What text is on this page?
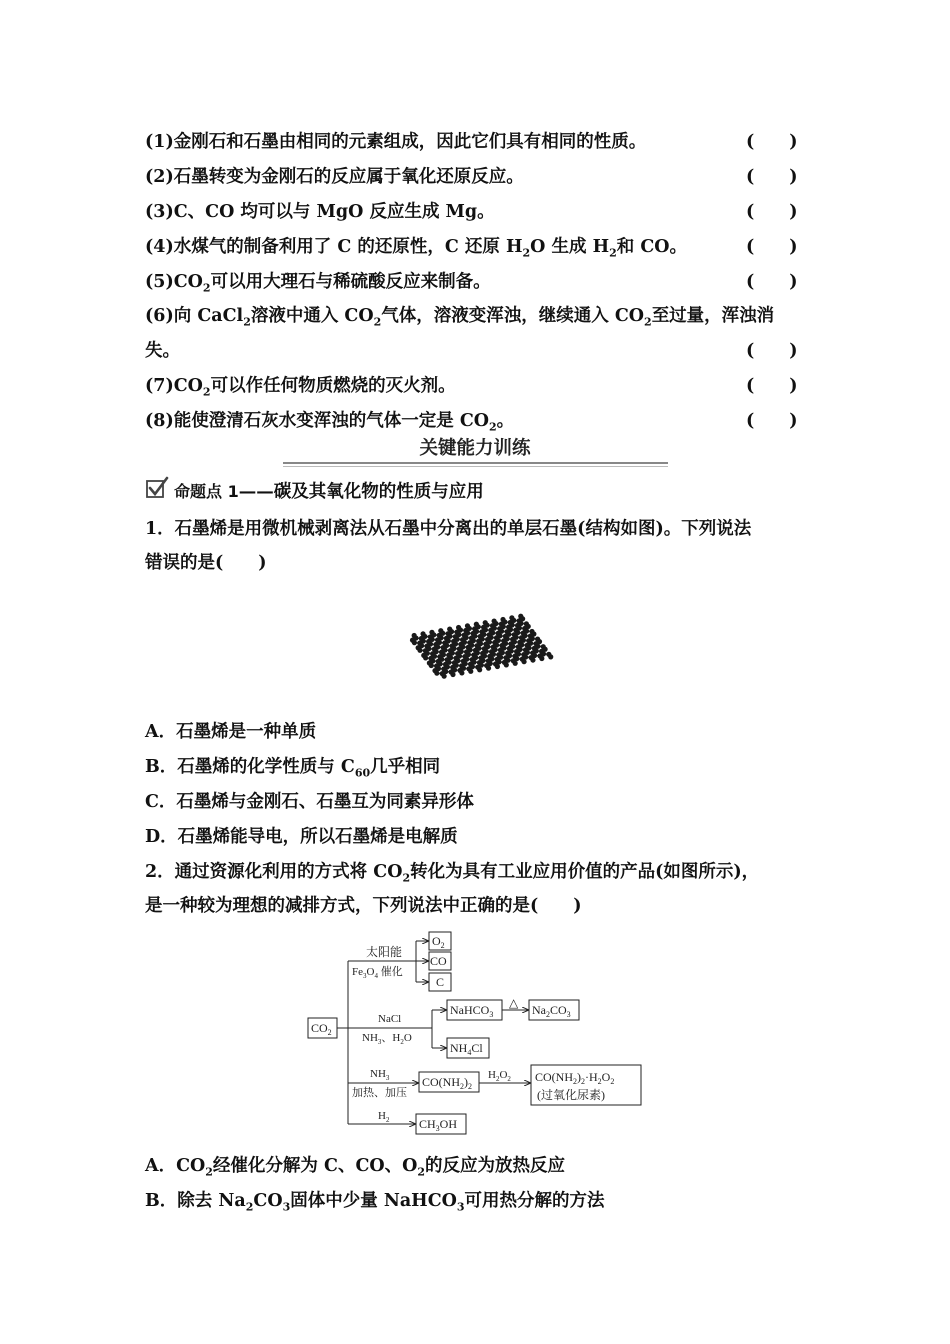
(1)金刚石和石墨由相同的元素组成，因此它们具有相同的性质。	(　　)
(2)石墨转变为金刚石的反应属于氧化还原反应。	(　　)
(3)C、CO 均可以与 MgO 反应生成 Mg。	(　　)
(4)水煤气的制备利用了 C 的还原性，C 还原 $H_2O$ 生成 $H_2$和 CO。	(　　)
$(5)CO_2$可以用大理石与稀硫酸反应来制备。	(　　)
(6)向 CaCl$_2$溶液中通入 $CO_2$气体，溶液变浑浊，继续通入 $CO_2$至过量，浑浊消
失。	(　　)
$(7)CO_2$可以作任何物质燃烧的灭火剂。	(　　)
(8)能使澄清石灰水变浑浊的气体一定是 $CO_2$。	(　　)
关键能力训练
命题点 1——碳及其氧化物的性质与应用
1．石墨烯是用微机械剥离法从石墨中分离出的单层石墨(结构如图)。下列说法
错误的是(　　)
A．石墨烯是一种单质
B．石墨烯的化学性质与 $C_{60}$几乎相同
C．石墨烯与金刚石、石墨互为同素异形体
D．石墨烯能导电，所以石墨烯是电解质
2．通过资源化利用的方式将 $CO_2$转化为具有工业应用价值的产品(如图所示)，
是一种较为理想的减排方式，下列说法中正确的是(　　)
$CO_2$
太阳能
$Fe_3O_4$ 催化
$O_2$
CO
C
NaCl
$NH_3$、$H_2O$
NaHCO$_3$
△ $Na_2CO_3$
$NH_4Cl$
$NH_3$
加热、加压
$CO(NH_2)_2$
$H_2O_2$ $CO(NH_2)_2\cdot H_2O_2$
(过氧化尿素)
$H_2$ $CH_3OH$
A．$CO_2$经催化分解为 C、CO、$O_2$的反应为放热反应
B．除去 $Na_2CO_3$固体中少量 NaHCO$_3$可用热分解的方法
